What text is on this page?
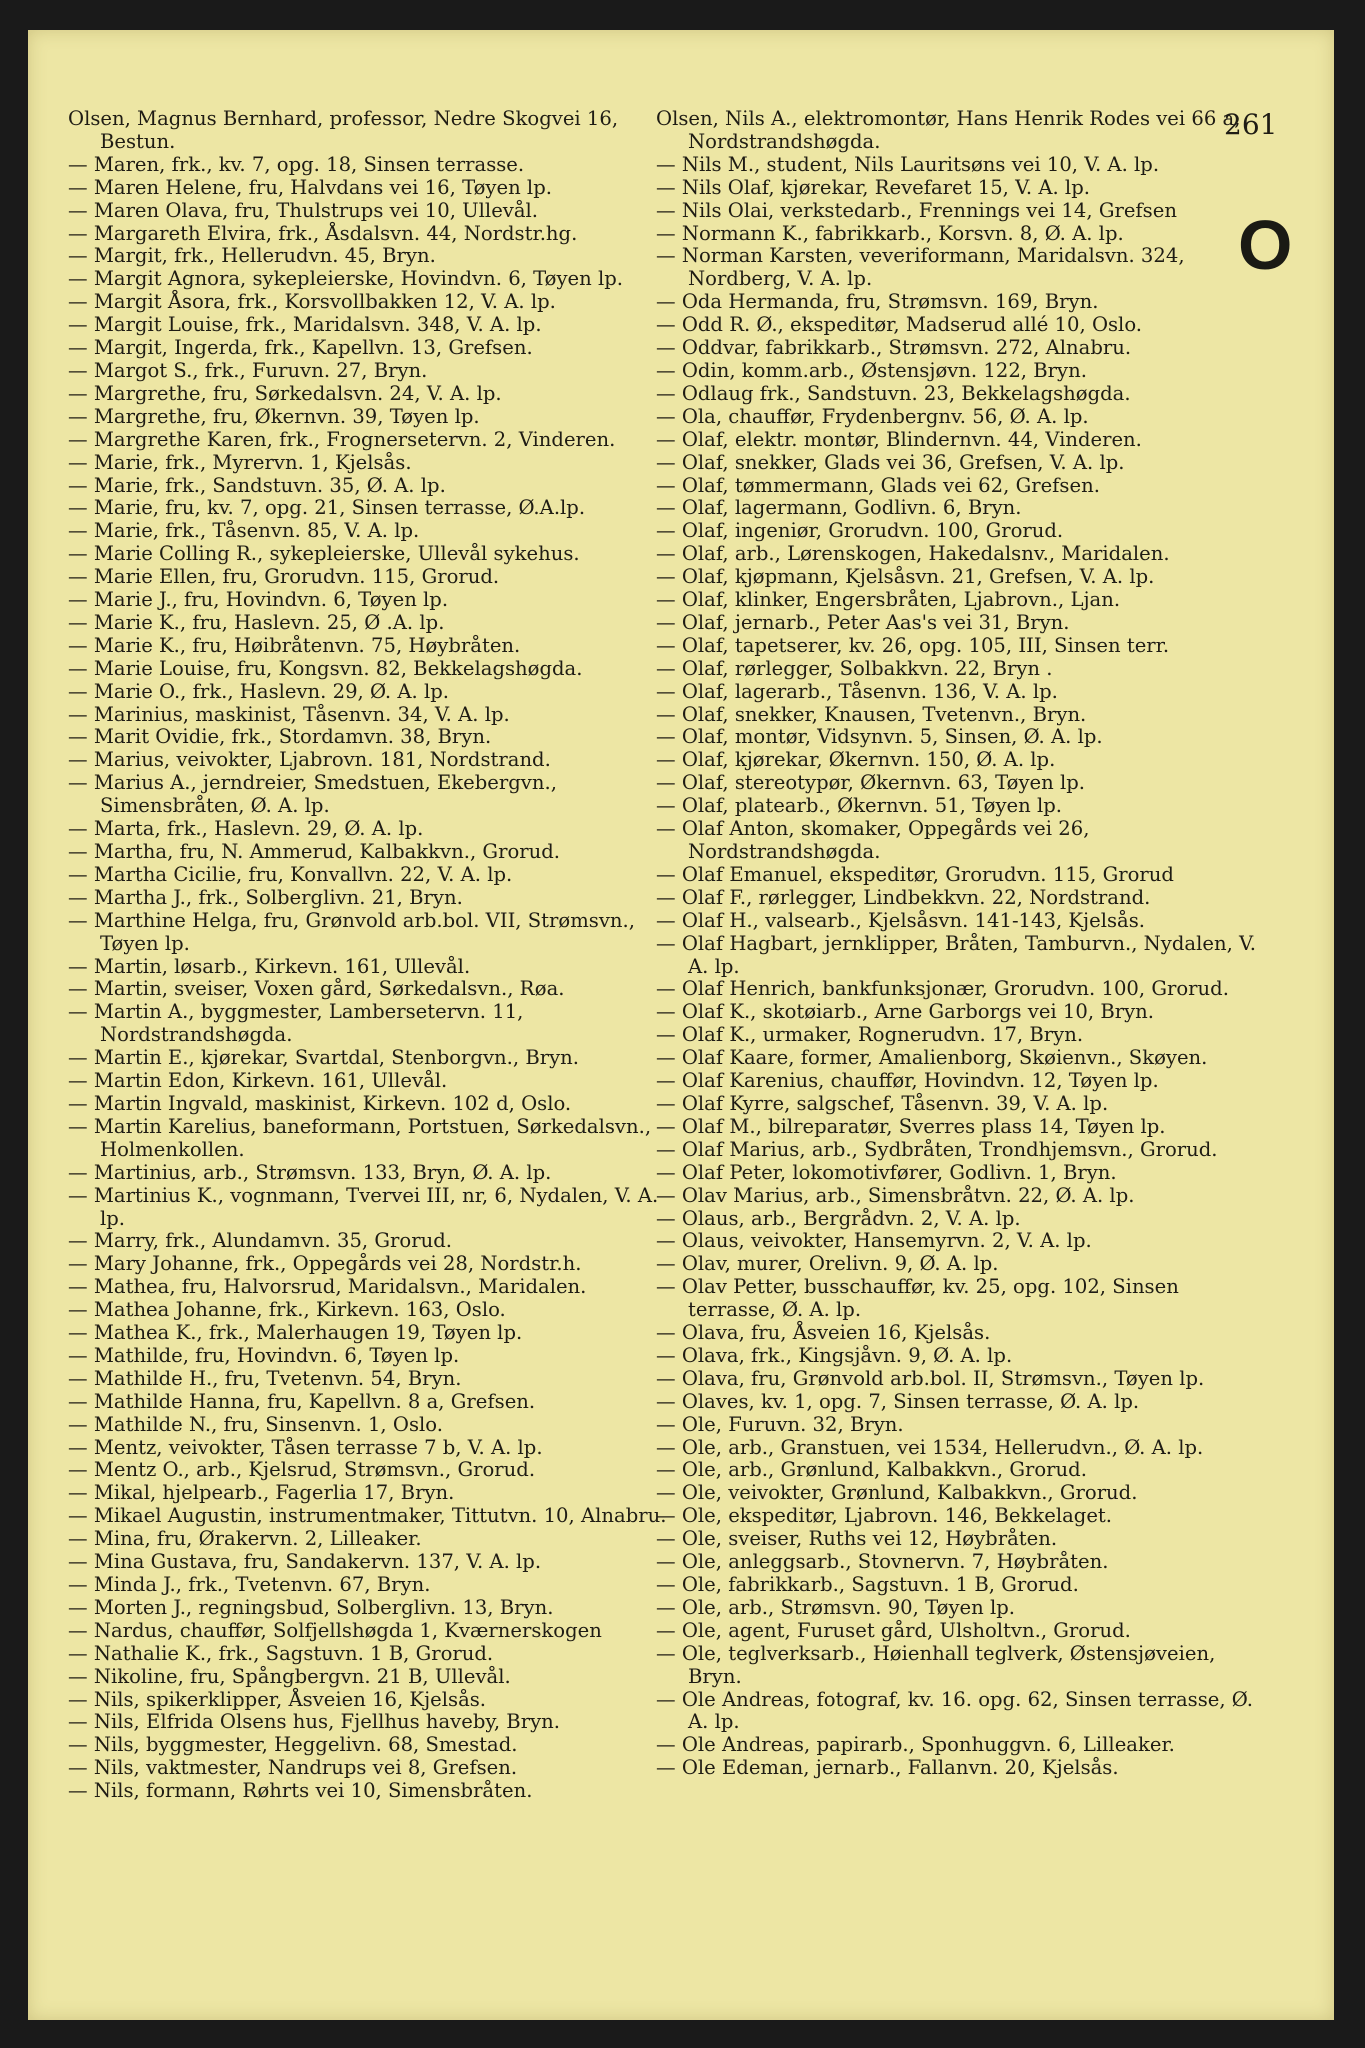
Olsen, Magnus Bernhard, professor, Nedre Skogvei 16, Bestun.
— Maren, frk., kv. 7, opg. 18, Sinsen terrasse.
— Maren Helene, fru, Halvdans vei 16, Tøyen lp.
— Maren Olava, fru, Thulstrups vei 10, Ullevål.
— Margareth Elvira, frk., Åsdalsvn. 44, Nordstr.hg.
— Margit, frk., Hellerudvn. 45, Bryn.
— Margit Agnora, sykepleierske, Hovindvn. 6, Tøyen lp.
— Margit Åsora, frk., Korsvollbakken 12, V. A. lp.
— Margit Louise, frk., Maridalsvn. 348, V. A. lp.
— Margit, Ingerda, frk., Kapellvn. 13, Grefsen.
— Margot S., frk., Furuvn. 27, Bryn.
— Margrethe, fru, Sørkedalsvn. 24, V. A. lp.
— Margrethe, fru, Økernvn. 39, Tøyen lp.
— Margrethe Karen, frk., Frognersetervn. 2, Vinderen.
— Marie, frk., Myrervn. 1, Kjelsås.
— Marie, frk., Sandstuvn. 35, Ø. A. lp.
— Marie, fru, kv. 7, opg. 21, Sinsen terrasse, Ø.A.lp.
— Marie, frk., Tåsenvn. 85, V. A. lp.
— Marie Colling R., sykepleierske, Ullevål sykehus.
— Marie Ellen, fru, Grorudvn. 115, Grorud.
— Marie J., fru, Hovindvn. 6, Tøyen lp.
— Marie K., fru, Haslevn. 25, Ø .A. lp.
— Marie K., fru, Høibråtenvn. 75, Høybråten.
— Marie Louise, fru, Kongsvn. 82, Bekkelagshøgda.
— Marie O., frk., Haslevn. 29, Ø. A. lp.
— Marinius, maskinist, Tåsenvn. 34, V. A. lp.
— Marit Ovidie, frk., Stordamvn. 38, Bryn.
— Marius, veivokter, Ljabrovn. 181, Nordstrand.
— Marius A., jerndreier, Smedstuen, Ekebergvn., Simensbråten, Ø. A. lp.
— Marta, frk., Haslevn. 29, Ø. A. lp.
— Martha, fru, N. Ammerud, Kalbakkvn., Grorud.
— Martha Cicilie, fru, Konvallvn. 22, V. A. lp.
— Martha J., frk., Solberglivn. 21, Bryn.
— Marthine Helga, fru, Grønvold arb.bol. VII, Strømsvn., Tøyen lp.
— Martin, løsarb., Kirkevn. 161, Ullevål.
— Martin, sveiser, Voxen gård, Sørkedalsvn., Røa.
— Martin A., byggmester, Lambersetervn. 11, Nordstrandshøgda.
— Martin E., kjørekar, Svartdal, Stenborgvn., Bryn.
— Martin Edon, Kirkevn. 161, Ullevål.
— Martin Ingvald, maskinist, Kirkevn. 102 d, Oslo.
— Martin Karelius, baneformann, Portstuen, Sørkedalsvn., Holmenkollen.
— Martinius, arb., Strømsvn. 133, Bryn, Ø. A. lp.
— Martinius K., vognmann, Tvervei III, nr, 6, Nydalen, V. A. lp.
— Marry, frk., Alundamvn. 35, Grorud.
— Mary Johanne, frk., Oppegårds vei 28, Nordstr.h.
— Mathea, fru, Halvorsrud, Maridalsvn., Maridalen.
— Mathea Johanne, frk., Kirkevn. 163, Oslo.
— Mathea K., frk., Malerhaugen 19, Tøyen lp.
— Mathilde, fru, Hovindvn. 6, Tøyen lp.
— Mathilde H., fru, Tvetenvn. 54, Bryn.
— Mathilde Hanna, fru, Kapellvn. 8 a, Grefsen.
— Mathilde N., fru, Sinsenvn. 1, Oslo.
— Mentz, veivokter, Tåsen terrasse 7 b, V. A. lp.
— Mentz O., arb., Kjelsrud, Strømsvn., Grorud.
— Mikal, hjelpearb., Fagerlia 17, Bryn.
— Mikael Augustin, instrumentmaker, Tittutvn. 10, Alnabru.
— Mina, fru, Ørakervn. 2, Lilleaker.
— Mina Gustava, fru, Sandakervn. 137, V. A. lp.
— Minda J., frk., Tvetenvn. 67, Bryn.
— Morten J., regningsbud, Solberglivn. 13, Bryn.
— Nardus, chauffør, Solfjellshøgda 1, Kværnerskogen
— Nathalie K., frk., Sagstuvn. 1 B, Grorud.
— Nikoline, fru, Spångbergvn. 21 B, Ullevål.
— Nils, spikerklipper, Åsveien 16, Kjelsås.
— Nils, Elfrida Olsens hus, Fjellhus haveby, Bryn.
— Nils, byggmester, Heggelivn. 68, Smestad.
— Nils, vaktmester, Nandrups vei 8, Grefsen.
— Nils, formann, Røhrts vei 10, Simensbråten.
Olsen, Nils A., elektromontør, Hans Henrik Rodes vei 66 a, Nordstrandshøgda.
— Nils M., student, Nils Lauritsøns vei 10, V. A. lp.
— Nils Olaf, kjørekar, Revefaret 15, V. A. lp.
— Nils Olai, verkstedarb., Frennings vei 14, Grefsen
— Normann K., fabrikkarb., Korsvn. 8, Ø. A. lp.
— Norman Karsten, veveriformann, Maridalsvn. 324, Nordberg, V. A. lp.
— Oda Hermanda, fru, Strømsvn. 169, Bryn.
— Odd R. Ø., ekspeditør, Madserud allé 10, Oslo.
— Oddvar, fabrikkarb., Strømsvn. 272, Alnabru.
— Odin, komm.arb., Østensjøvn. 122, Bryn.
— Odlaug frk., Sandstuvn. 23, Bekkelagshøgda.
— Ola, chauffør, Frydenbergnv. 56, Ø. A. lp.
— Olaf, elektr. montør, Blindernvn. 44, Vinderen.
— Olaf, snekker, Glads vei 36, Grefsen, V. A. lp.
— Olaf, tømmermann, Glads vei 62, Grefsen.
— Olaf, lagermann, Godlivn. 6, Bryn.
— Olaf, ingeniør, Grorudvn. 100, Grorud.
— Olaf, arb., Lørenskogen, Hakedalsnv., Maridalen.
— Olaf, kjøpmann, Kjelsåsvn. 21, Grefsen, V. A. lp.
— Olaf, klinker, Engersbråten, Ljabrovn., Ljan.
— Olaf, jernarb., Peter Aas's vei 31, Bryn.
— Olaf, tapetserer, kv. 26, opg. 105, III, Sinsen terr.
— Olaf, rørlegger, Solbakkvn. 22, Bryn .
— Olaf, lagerarb., Tåsenvn. 136, V. A. lp.
— Olaf, snekker, Knausen, Tvetenvn., Bryn.
— Olaf, montør, Vidsynvn. 5, Sinsen, Ø. A. lp.
— Olaf, kjørekar, Økernvn. 150, Ø. A. lp.
— Olaf, stereotypør, Økernvn. 63, Tøyen lp.
— Olaf, platearb., Økernvn. 51, Tøyen lp.
— Olaf Anton, skomaker, Oppegårds vei 26, Nordstrandshøgda.
— Olaf Emanuel, ekspeditør, Grorudvn. 115, Grorud
— Olaf F., rørlegger, Lindbekkvn. 22, Nordstrand.
— Olaf H., valsearb., Kjelsåsvn. 141-143, Kjelsås.
— Olaf Hagbart, jernklipper, Bråten, Tamburvn., Nydalen, V. A. lp.
— Olaf Henrich, bankfunksjonær, Grorudvn. 100, Grorud.
— Olaf K., skotøiarb., Arne Garborgs vei 10, Bryn.
— Olaf K., urmaker, Rognerudvn. 17, Bryn.
— Olaf Kaare, former, Amalienborg, Skøienvn., Skøyen.
— Olaf Karenius, chauffør, Hovindvn. 12, Tøyen lp.
— Olaf Kyrre, salgschef, Tåsenvn. 39, V. A. lp.
— Olaf M., bilreparatør, Sverres plass 14, Tøyen lp.
— Olaf Marius, arb., Sydbråten, Trondhjemsvn., Grorud.
— Olaf Peter, lokomotivfører, Godlivn. 1, Bryn.
— Olav Marius, arb., Simensbråtvn. 22, Ø. A. lp.
— Olaus, arb., Bergrådvn. 2, V. A. lp.
— Olaus, veivokter, Hansemyrvn. 2, V. A. lp.
— Olav, murer, Orelivn. 9, Ø. A. lp.
— Olav Petter, busschauffør, kv. 25, opg. 102, Sinsen terrasse, Ø. A. lp.
— Olava, fru, Åsveien 16, Kjelsås.
— Olava, frk., Kingsjåvn. 9, Ø. A. lp.
— Olava, fru, Grønvold arb.bol. II, Strømsvn., Tøyen lp.
— Olaves, kv. 1, opg. 7, Sinsen terrasse, Ø. A. lp.
— Ole, Furuvn. 32, Bryn.
— Ole, arb., Granstuen, vei 1534, Hellerudvn., Ø. A. lp.
— Ole, arb., Grønlund, Kalbakkvn., Grorud.
— Ole, veivokter, Grønlund, Kalbakkvn., Grorud.
— Ole, ekspeditør, Ljabrovn. 146, Bekkelaget.
— Ole, sveiser, Ruths vei 12, Høybråten.
— Ole, anleggsarb., Stovnervn. 7, Høybråten.
— Ole, fabrikkarb., Sagstuvn. 1 B, Grorud.
— Ole, arb., Strømsvn. 90, Tøyen lp.
— Ole, agent, Furuset gård, Ulsholtvn., Grorud.
— Ole, teglverksarb., Høienhall teglverk, Østensjøveien, Bryn.
— Ole Andreas, fotograf, kv. 16. opg. 62, Sinsen terrasse, Ø. A. lp.
— Ole Andreas, papirarb., Sponhuggvn. 6, Lilleaker.
— Ole Edeman, jernarb., Fallanvn. 20, Kjelsås.
261
O
